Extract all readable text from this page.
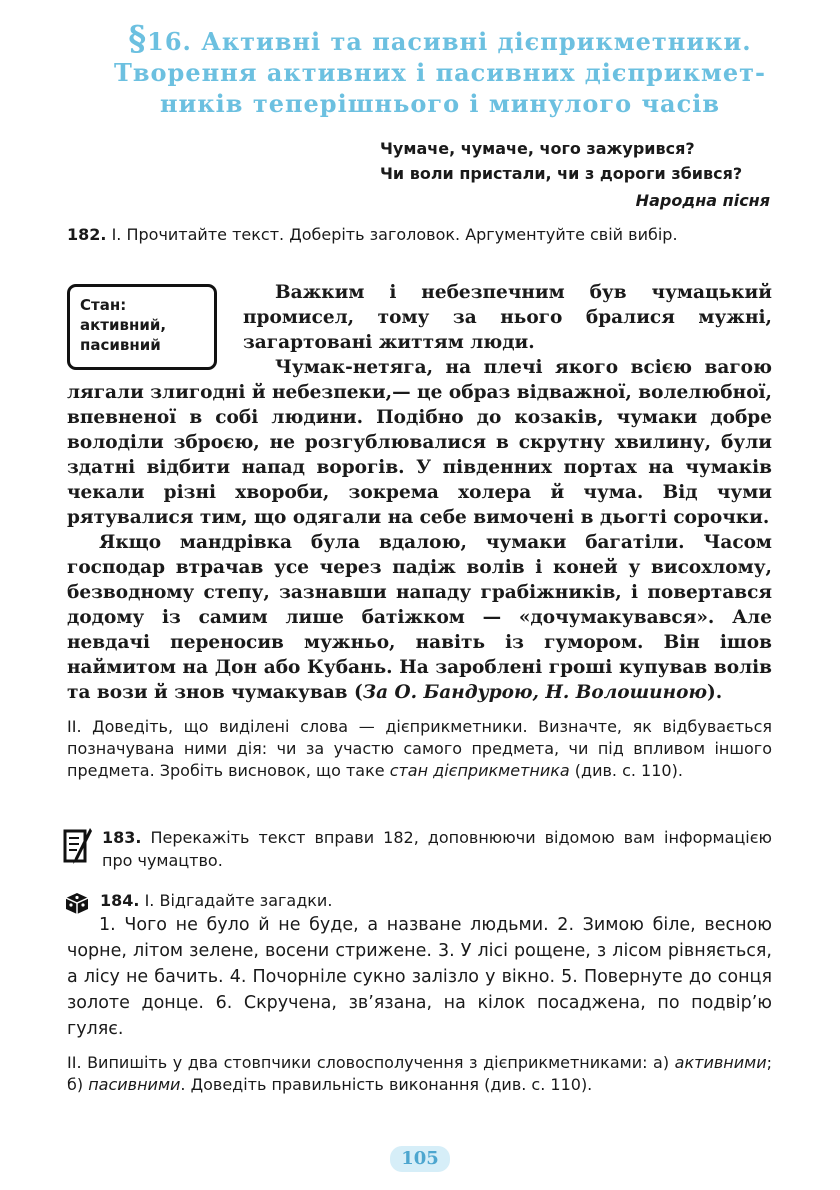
§16. Активні та пасивні дієприкметники.
Творення активних і пасивних дієприкмет-
ників теперішнього і минулого часів
Чумаче, чумаче, чого зажурився?
Чи воли пристали, чи з дороги збився?
Народна пісня
182. І. Прочитайте текст. Доберіть заголовок. Аргументуйте свій вибір.

Стан:
активний,
пасивний
Важким і небезпечним був чумацький промисел, тому за нього бралися мужні, загартовані життям люди.

Чумак-нетяга, на плечі якого всією вагою лягали злигодні й небезпеки,— це образ відважної, волелюбної, впевненої в собі людини. Подібно до козаків, чумаки добре володіли зброєю, не розгублювалися в скрутну хвилину, були здатні відбити напад ворогів. У південних портах на чумаків чекали різні хвороби, зокрема холера й чума. Від чуми рятувалися тим, що одягали на себе вимочені в дьогті сорочки.

Якщо мандрівка була вдалою, чумаки багатіли. Часом господар втрачав усе через падіж волів і коней у висохлому, безводному степу, зазнавши нападу грабіжників, і повертався додому із самим лише батіжком — «дочумакувався». Але невдачі переносив мужньо, навіть із гумором. Він ішов наймитом на Дон або Кубань. На зароблені гроші купував волів та вози й знов чумакував (За О. Бандурою, Н. Волошиною).

ІІ. Доведіть, що виділені слова — дієприкметники. Визначте, як відбувається позначувана ними дія: чи за участю самого предмета, чи під впливом іншого предмета. Зробіть висновок, що таке стан дієприкметника (див. с. 110).
183. Перекажіть текст вправи 182, доповнюючи відомою вам інформацією про чумацтво.
184. І. Відгадайте загадки.

1. Чого не було й не буде, а назване людьми. 2. Зимою біле, весною чорне, літом зелене, восени стрижене. 3. У лісі рощене, з лісом рівняється, а лісу не бачить. 4. Почорніле сукно залізло у вікно. 5. Повернуте до сонця золоте донце. 6. Скручена, зв’язана, на кілок посаджена, по подвір’ю гуляє.

ІІ. Випишіть у два стовпчики словосполучення з дієприкметниками: а) активними; б) пасивними. Доведіть правильність виконання (див. с. 110).
105
